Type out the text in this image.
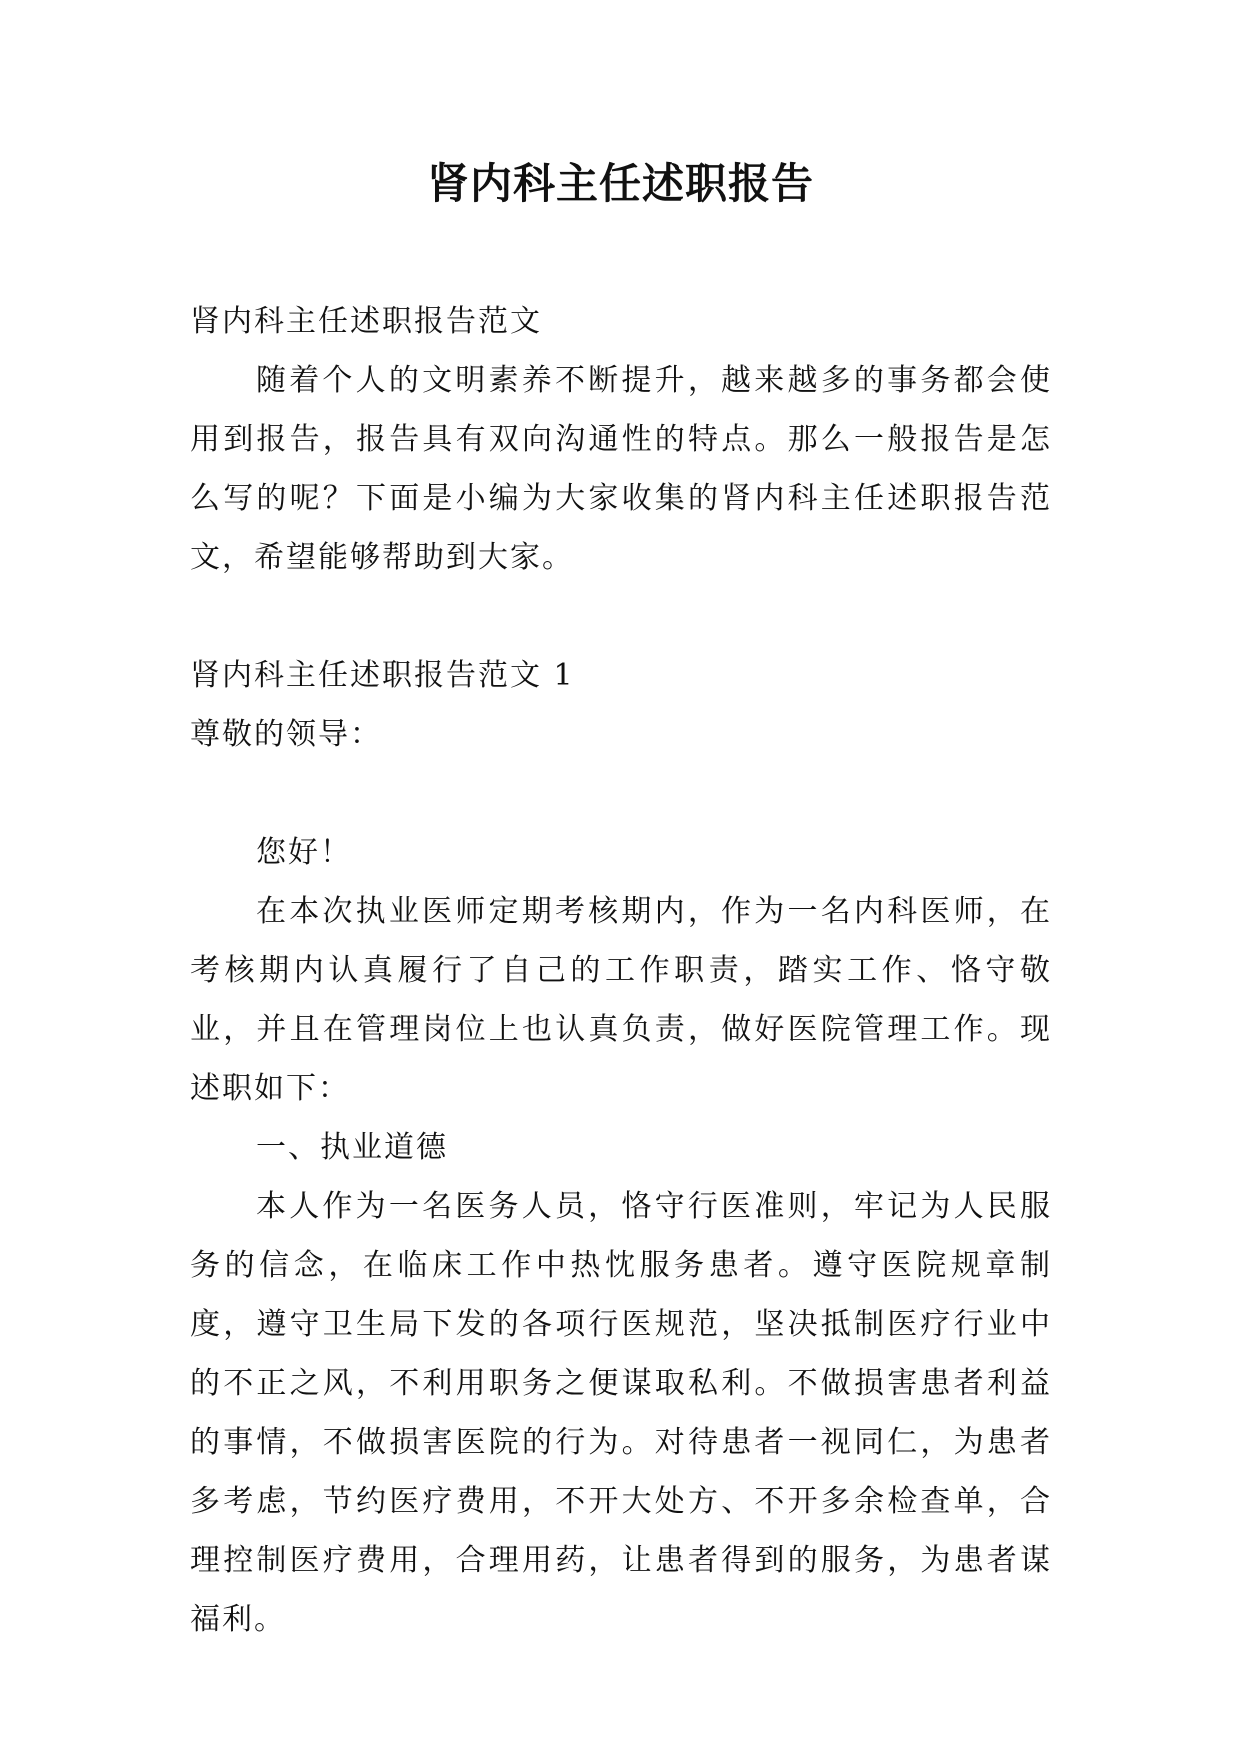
肾内科主任述职报告

肾内科主任述职报告范文

随着个人的文明素养不断提升，越来越多的事务都会使用到报告，报告具有双向沟通性的特点。那么一般报告是怎么写的呢？下面是小编为大家收集的肾内科主任述职报告范文，希望能够帮助到大家。

肾内科主任述职报告范文 1

尊敬的领导：

您好！

在本次执业医师定期考核期内，作为一名内科医师，在考核期内认真履行了自己的工作职责，踏实工作、恪守敬业，并且在管理岗位上也认真负责，做好医院管理工作。现述职如下：

一、执业道德

本人作为一名医务人员，恪守行医准则，牢记为人民服务的信念，在临床工作中热忱服务患者。遵守医院规章制度，遵守卫生局下发的各项行医规范，坚决抵制医疗行业中的不正之风，不利用职务之便谋取私利。不做损害患者利益的事情，不做损害医院的行为。对待患者一视同仁，为患者多考虑，节约医疗费用，不开大处方、不开多余检查单，合理控制医疗费用，合理用药，让患者得到的服务，为患者谋福利。
